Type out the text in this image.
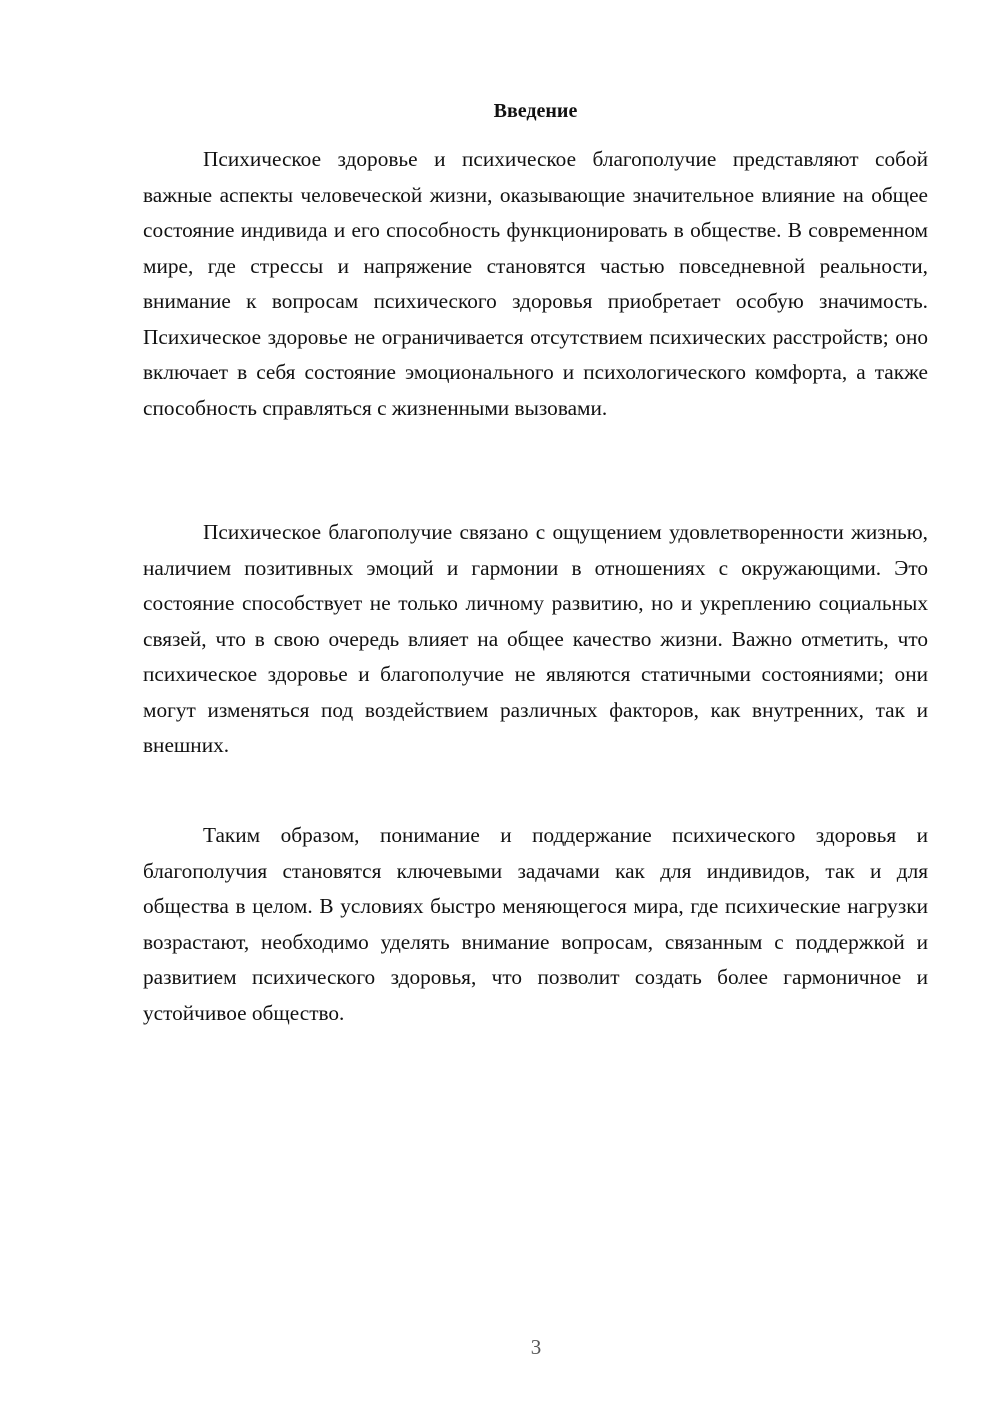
Введение

Психическое здоровье и психическое благополучие представляют собой важные аспекты человеческой жизни, оказывающие значительное влияние на общее состояние индивида и его способность функционировать в обществе. В современном мире, где стрессы и напряжение становятся частью повседневной реальности, внимание к вопросам психического здоровья приобретает особую значимость. Психическое здоровье не ограничивается отсутствием психических расстройств; оно включает в себя состояние эмоционального и психологического комфорта, а также способность справляться с жизненными вызовами.

Психическое благополучие связано с ощущением удовлетворенности жизнью, наличием позитивных эмоций и гармонии в отношениях с окружающими. Это состояние способствует не только личному развитию, но и укреплению социальных связей, что в свою очередь влияет на общее качество жизни. Важно отметить, что психическое здоровье и благополучие не являются статичными состояниями; они могут изменяться под воздействием различных факторов, как внутренних, так и внешних.

Таким образом, понимание и поддержание психического здоровья и благополучия становятся ключевыми задачами как для индивидов, так и для общества в целом. В условиях быстро меняющегося мира, где психические нагрузки возрастают, необходимо уделять внимание вопросам, связанным с поддержкой и развитием психического здоровья, что позволит создать более гармоничное и устойчивое общество.

3
